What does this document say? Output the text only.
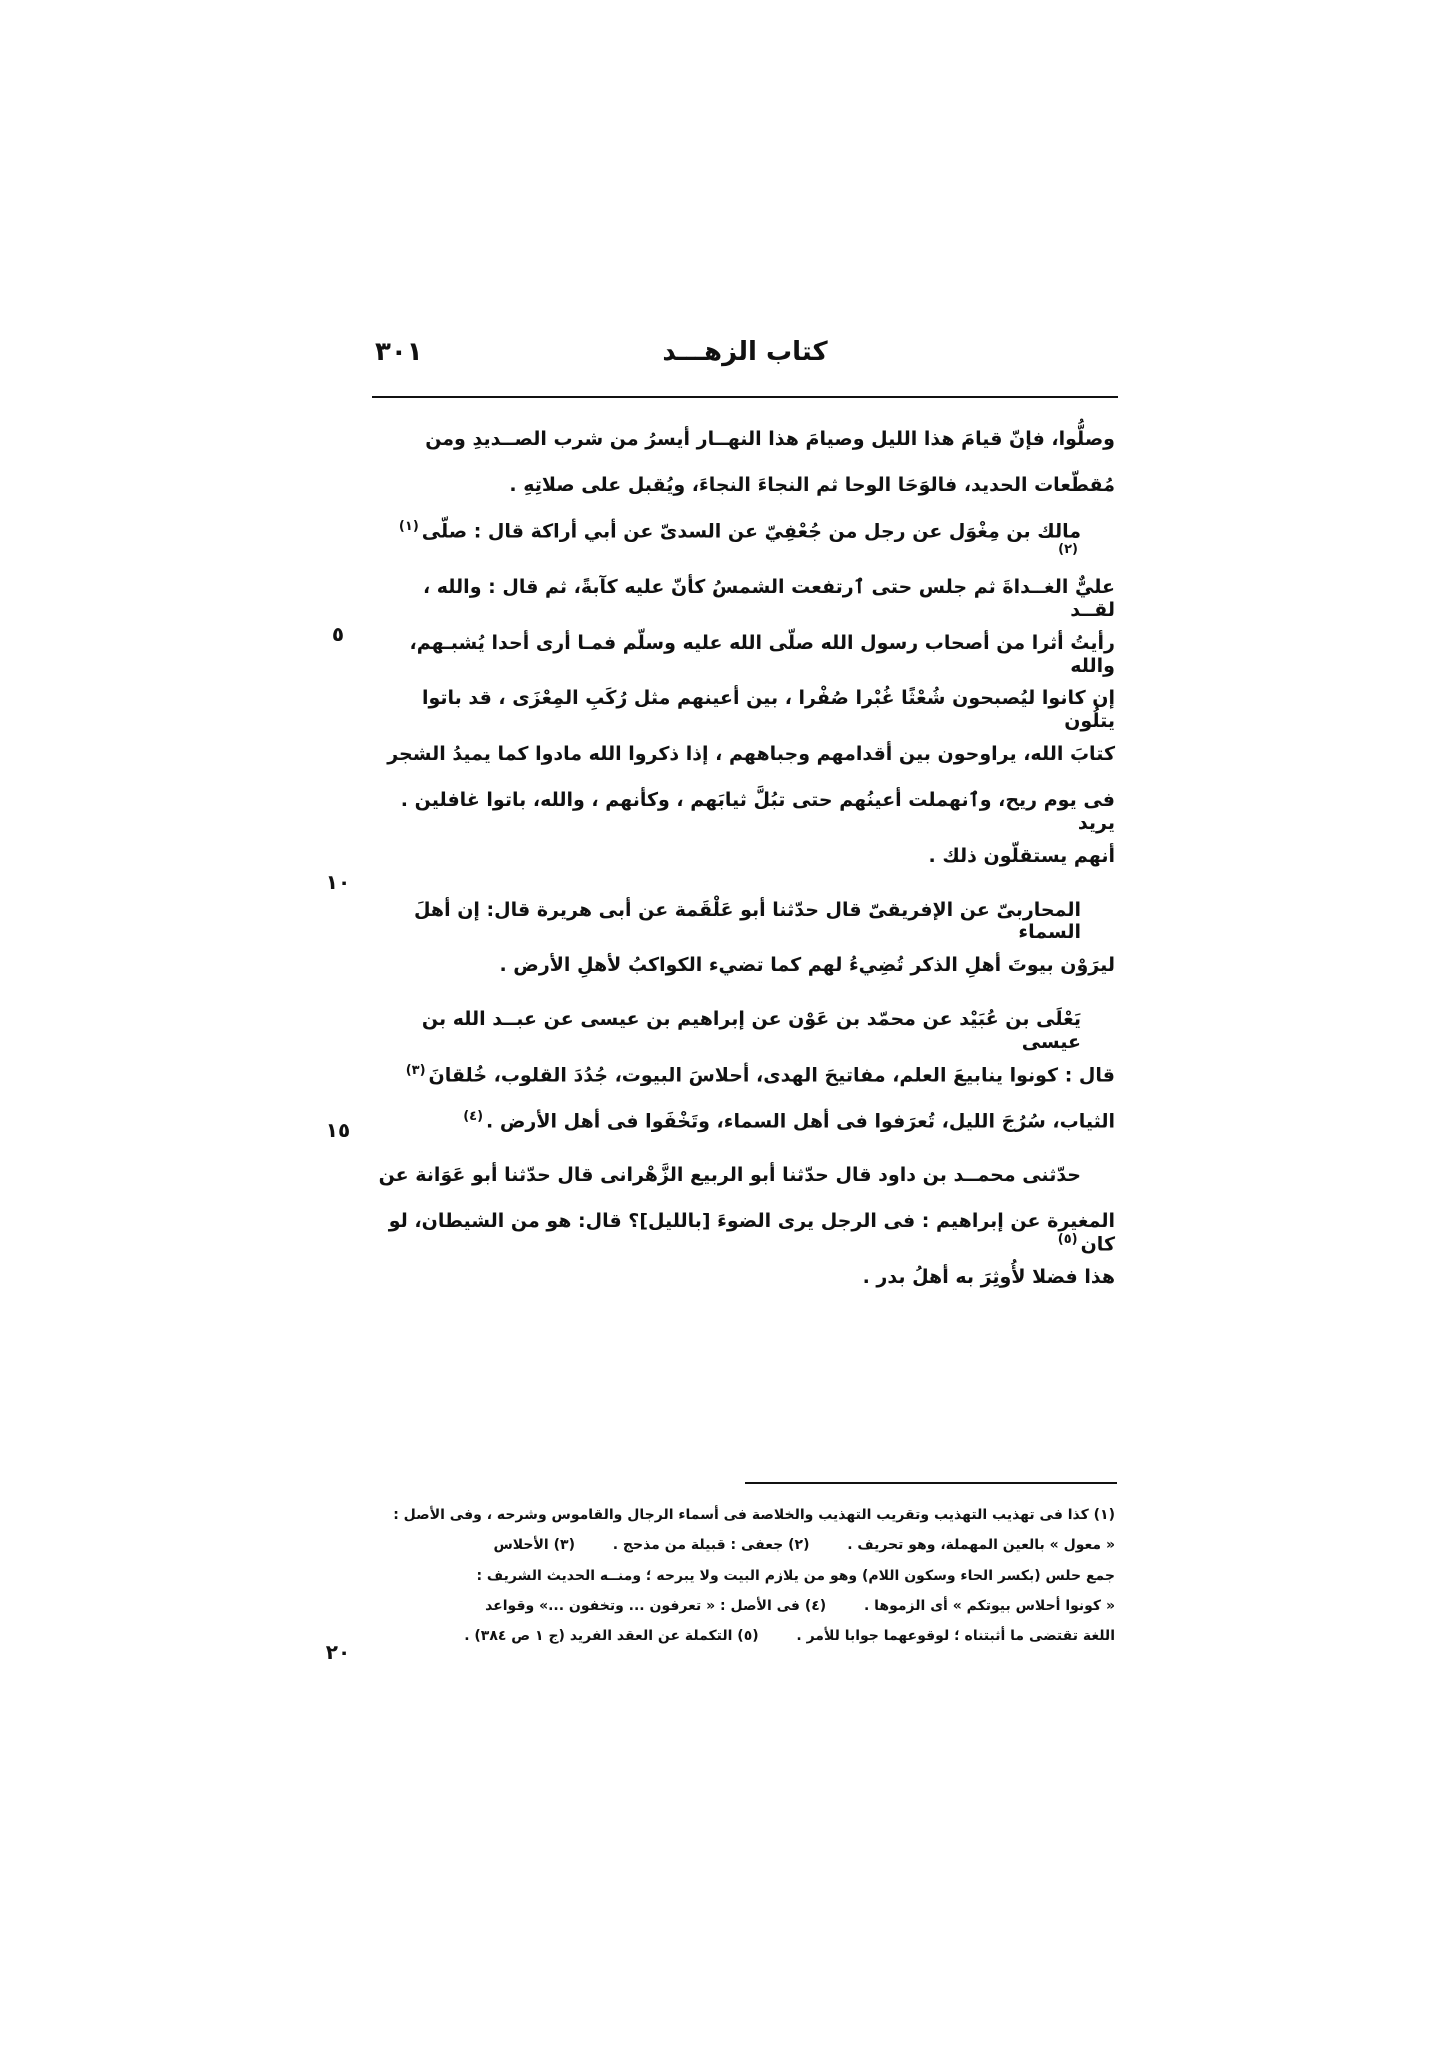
كتاب الزهـــد
٣٠١
٥
١٠
١٥
٢٠
وصلُّوا، فإنّ قيامَ هذا الليل وصيامَ هذا النهــار أيسرُ من شرب الصــديدِ ومن
مُقطّعات الحديد، فالوَحَا الوحا ثم النجاءَ النجاءَ، ويُقبل على صلاتِهِ .
مالك بن مِغْوَل عن رجل من جُعْفِيّ عن السدىّ عن أبي أراكة قال : صلّى(١)(٢)
عليٌّ الغــداةَ ثم جلس حتى ٱرتفعت الشمسُ كأنّ عليه كآبةً، ثم قال : والله ، لقــد
رأيتُ أثرا من أصحاب رسول الله صلّى الله عليه وسلّم فمـا أرى أحدا يُشبـهم، والله
إن كانوا ليُصبحون شُعْثًا غُبْرا صُفْرا ، بين أعينهم مثل رُكَبِ المِعْزَى ، قد باتوا يتلُون
كتابَ الله، يراوحون بين أقدامهم وجباههم ، إذا ذكروا الله مادوا كما يميدُ الشجر
فى يوم ريح، وٱنهملت أعينُهم حتى تبُلَّ ثيابَهم ، وكأنهم ، والله، باتوا غافلين . يريد
أنهم يستقلّون ذلك .
المحاربىّ عن الإفريقىّ قال حدّثنا أبو عَلْقَمة عن أبى هريرة قال: إن أهلَ السماء
ليرَوْن بيوتَ أهلِ الذكر تُضِيءُ لهم كما تضيء الكواكبُ لأهلِ الأرض .
يَعْلَى بن عُبَيْد عن محمّد بن عَوْن عن إبراهيم بن عيسى عن عبــد الله بن عيسى
قال : كونوا ينابيعَ العلم، مفاتيحَ الهدى، أحلاسَ البيوت، جُدُدَ القلوب، خُلقانَ(٣)
الثياب، سُرُجَ الليل، تُعرَفوا فى أهل السماء، وتَخْفَوا فى أهل الأرض .(٤)
حدّثنى محمــد بن داود قال حدّثنا أبو الربيع الزَّهْرانى قال حدّثنا أبو عَوَانة عن
المغيرة عن إبراهيم : فى الرجل يرى الضوءَ [بالليل]؟ قال: هو من الشيطان، لو كان(٥)
هذا فضلا لأُوثِرَ به أهلُ بدر .
(١) كذا فى تهذيب التهذيب وتقريب التهذيب والخلاصة فى أسماء الرجال والقاموس وشرحه ، وفى الأصل :
« معول » بالعين المهملة، وهو تحريف .  (٢) جعفى : قبيلة من مذحج .  (٣) الأحلاس
جمع حلس (بكسر الحاء وسكون اللام) وهو من يلازم البيت ولا يبرحه ؛ ومنــه الحديث الشريف :
« كونوا أحلاس بيوتكم » أى الزموها .  (٤) فى الأصل : « تعرفون ... وتخفون ...» وقواعد
اللغة تقتضى ما أثبتناه ؛ لوقوعهما جوابا للأمر .  (٥) التكملة عن العقد الفريد (ج ١ ص ٣٨٤) .
